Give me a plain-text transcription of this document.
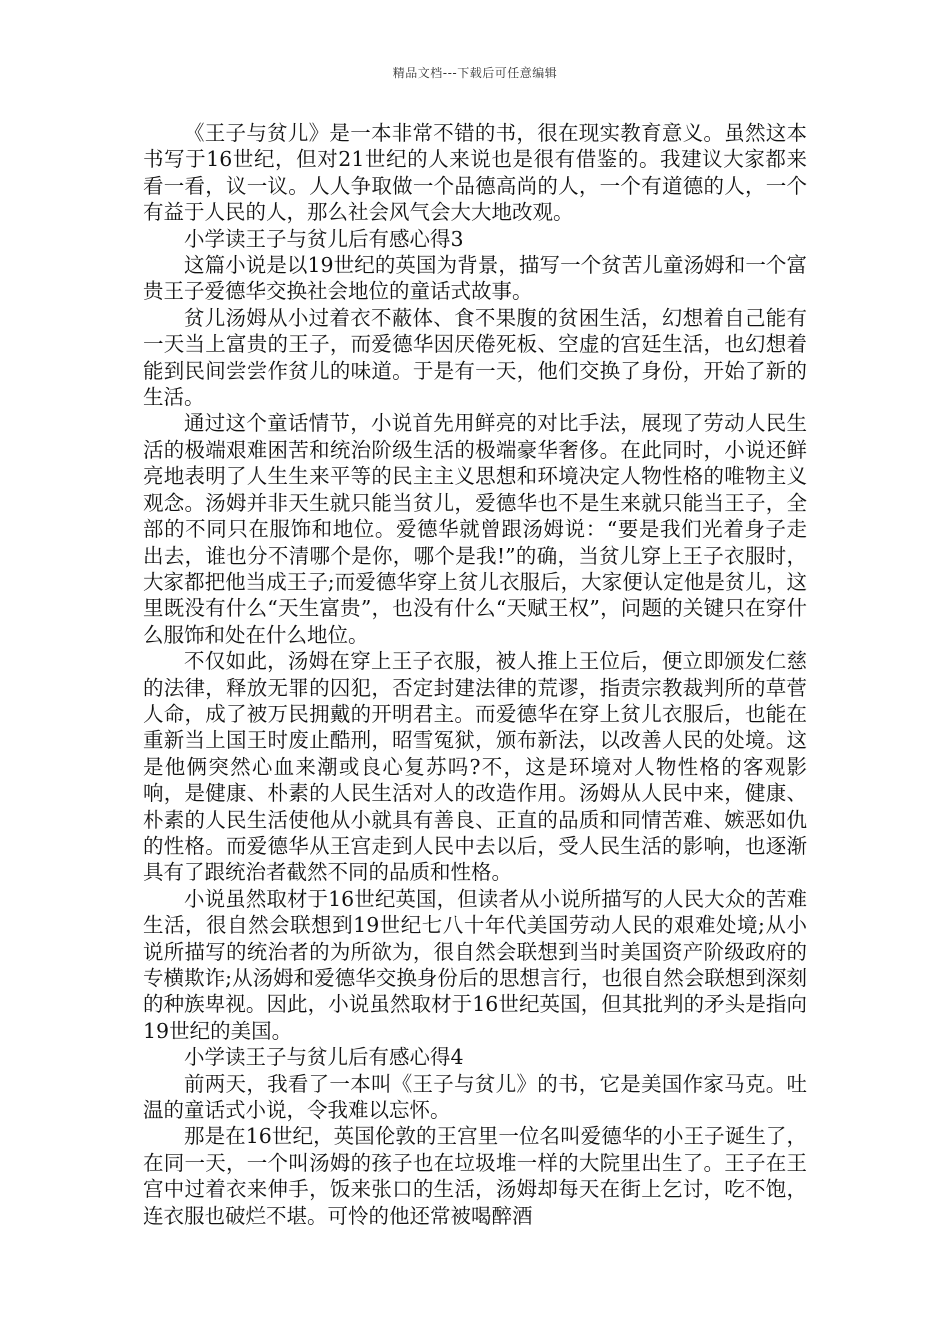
精品文档---下载后可任意编辑

《王子与贫儿》是一本非常不错的书，很在现实教育意义。虽然这本书写于16世纪，但对21世纪的人来说也是很有借鉴的。我建议大家都来看一看，议一议。人人争取做一个品德高尚的人，一个有道德的人，一个有益于人民的人，那么社会风气会大大地改观。

小学读王子与贫儿后有感心得3

这篇小说是以19世纪的英国为背景，描写一个贫苦儿童汤姆和一个富贵王子爱德华交换社会地位的童话式故事。

贫儿汤姆从小过着衣不蔽体、食不果腹的贫困生活，幻想着自己能有一天当上富贵的王子，而爱德华因厌倦死板、空虚的宫廷生活，也幻想着能到民间尝尝作贫儿的味道。于是有一天，他们交换了身份，开始了新的生活。

通过这个童话情节，小说首先用鲜亮的对比手法，展现了劳动人民生活的极端艰难困苦和统治阶级生活的极端豪华奢侈。在此同时，小说还鲜亮地表明了人生生来平等的民主主义思想和环境决定人物性格的唯物主义观念。汤姆并非天生就只能当贫儿，爱德华也不是生来就只能当王子，全部的不同只在服饰和地位。爱德华就曾跟汤姆说：“要是我们光着身子走出去，谁也分不清哪个是你，哪个是我!”的确，当贫儿穿上王子衣服时，大家都把他当成王子;而爱德华穿上贫儿衣服后，大家便认定他是贫儿，这里既没有什么“天生富贵”，也没有什么“天赋王权”，问题的关键只在穿什么服饰和处在什么地位。

不仅如此，汤姆在穿上王子衣服，被人推上王位后，便立即颁发仁慈的法律，释放无罪的囚犯，否定封建法律的荒谬，指责宗教裁判所的草菅人命，成了被万民拥戴的开明君主。而爱德华在穿上贫儿衣服后，也能在重新当上国王时废止酷刑，昭雪冤狱，颁布新法，以改善人民的处境。这是他俩突然心血来潮或良心复苏吗?不，这是环境对人物性格的客观影响，是健康、朴素的人民生活对人的改造作用。汤姆从人民中来，健康、朴素的人民生活使他从小就具有善良、正直的品质和同情苦难、嫉恶如仇的性格。而爱德华从王宫走到人民中去以后，受人民生活的影响，也逐渐具有了跟统治者截然不同的品质和性格。

小说虽然取材于16世纪英国，但读者从小说所描写的人民大众的苦难生活，很自然会联想到19世纪七八十年代美国劳动人民的艰难处境;从小说所描写的统治者的为所欲为，很自然会联想到当时美国资产阶级政府的专横欺诈;从汤姆和爱德华交换身份后的思想言行，也很自然会联想到深刻的种族卑视。因此，小说虽然取材于16世纪英国，但其批判的矛头是指向19世纪的美国。

小学读王子与贫儿后有感心得4

前两天，我看了一本叫《王子与贫儿》的书，它是美国作家马克。吐温的童话式小说，令我难以忘怀。

那是在16世纪，英国伦敦的王宫里一位名叫爱德华的小王子诞生了，在同一天，一个叫汤姆的孩子也在垃圾堆一样的大院里出生了。王子在王宫中过着衣来伸手，饭来张口的生活，汤姆却每天在街上乞讨，吃不饱，连衣服也破烂不堪。可怜的他还常被喝醉酒
